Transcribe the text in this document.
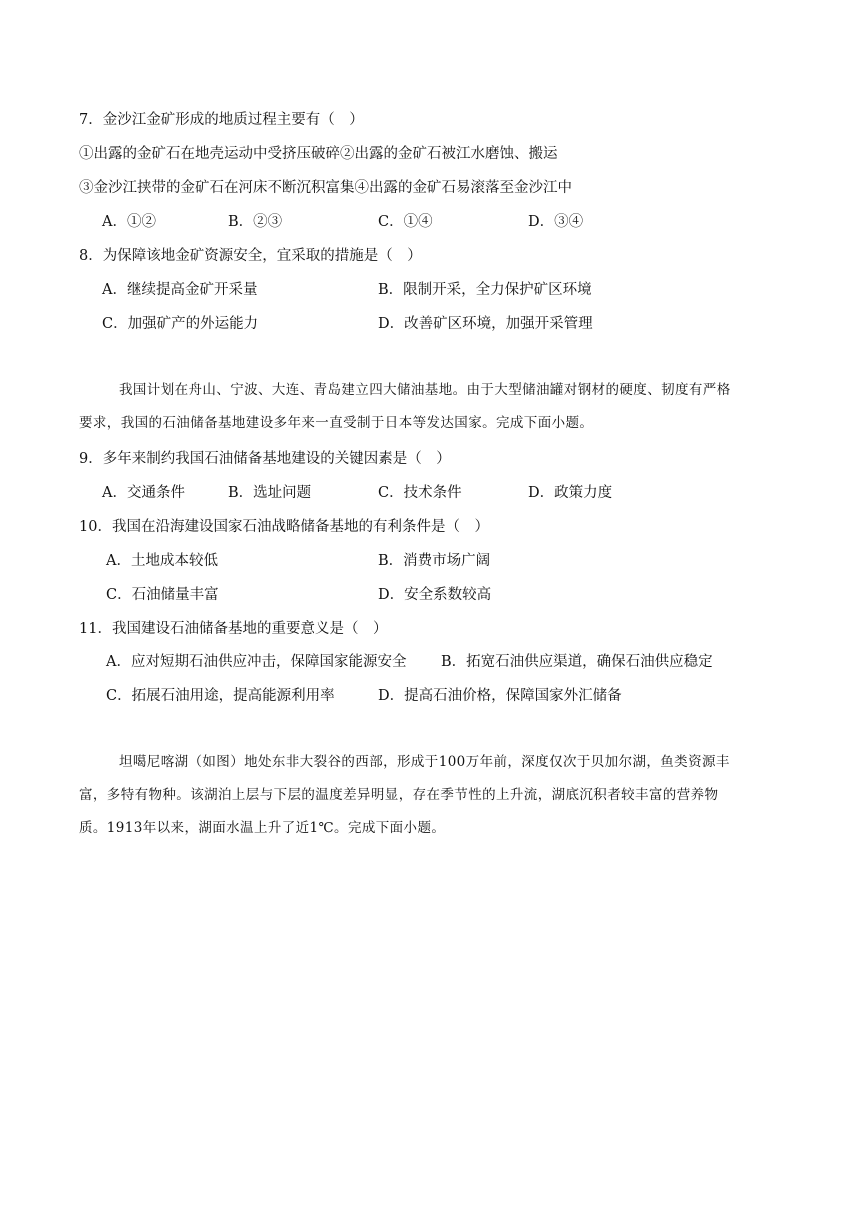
7．金沙江金矿形成的地质过程主要有（　）
①出露的金矿石在地壳运动中受挤压破碎②出露的金矿石被江水磨蚀、搬运
③金沙江挟带的金矿石在河床不断沉积富集④出露的金矿石易滚落至金沙江中
A．①②	B．②③	C．①④	D．③④
8．为保障该地金矿资源安全，宜采取的措施是（　）
A．继续提高金矿开采量	B．限制开采，全力保护矿区环境
C．加强矿产的外运能力	D．改善矿区环境，加强开采管理

我国计划在舟山、宁波、大连、青岛建立四大储油基地。由于大型储油罐对钢材的硬度、韧度有严格

要求，我国的石油储备基地建设多年来一直受制于日本等发达国家。完成下面小题。

9．多年来制约我国石油储备基地建设的关键因素是（　）
A．交通条件	B．选址问题	C．技术条件	D．政策力度
10．我国在沿海建设国家石油战略储备基地的有利条件是（　）
A．土地成本较低	B．消费市场广阔
C．石油储量丰富	D．安全系数较高
11．我国建设石油储备基地的重要意义是（　）
A．应对短期石油供应冲击，保障国家能源安全 B．拓宽石油供应渠道，确保石油供应稳定
C．拓展石油用途，提高能源利用率	D．提高石油价格，保障国家外汇储备

坦噶尼喀湖（如图）地处东非大裂谷的西部，形成于100万年前，深度仅次于贝加尔湖，鱼类资源丰

富，多特有物种。该湖泊上层与下层的温度差异明显，存在季节性的上升流，湖底沉积者较丰富的营养物

质。1913年以来，湖面水温上升了近1℃。完成下面小题。
